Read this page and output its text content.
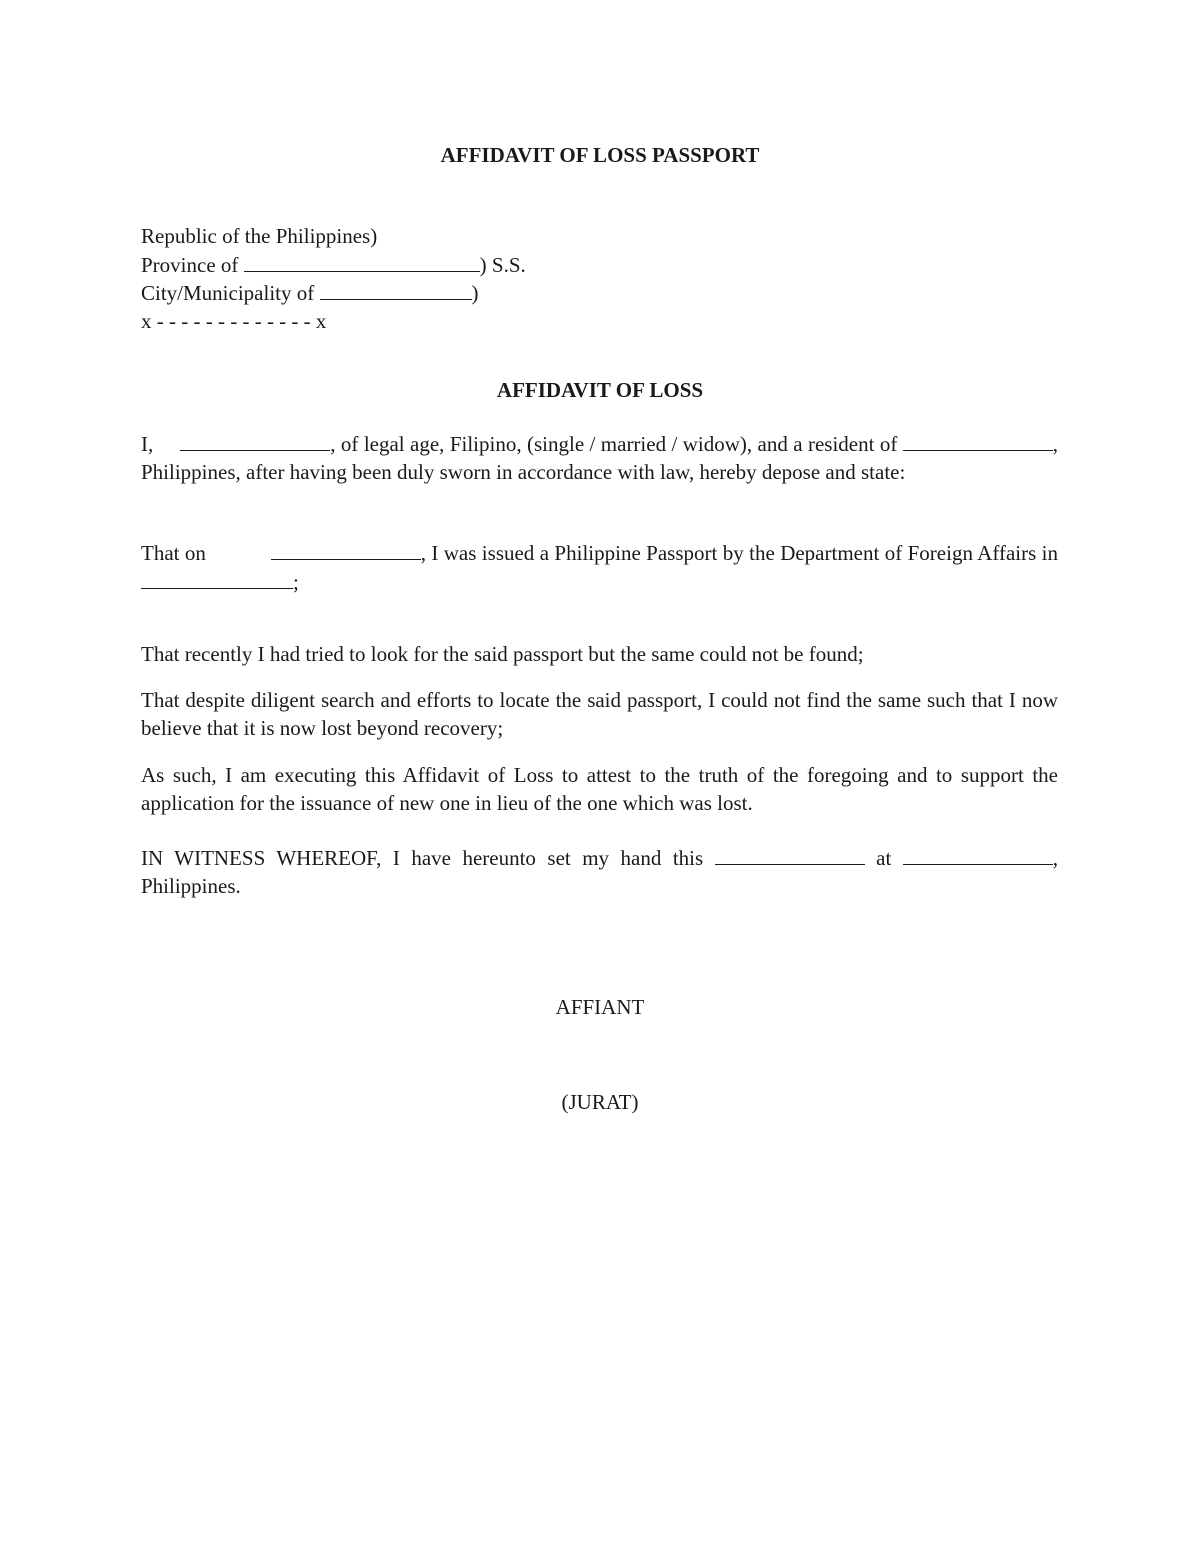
AFFIDAVIT OF LOSS PASSPORT

Republic of the Philippines)
Province of	) S.S.
City/Municipality of	)
x - - - - - - - - - - - - - x

AFFIDAVIT OF LOSS

I,	, of legal age, Filipino, (single / married / widow), and a resident of	, Philippines, after having been duly sworn in accordance with law, hereby depose and state:

That on	, I was issued a Philippine Passport by the Department of Foreign Affairs in ;

That recently I had tried to look for the said passport but the same could not be found;

That despite diligent search and efforts to locate the said passport, I could not find the same such that I now believe that it is now lost beyond recovery;

As such, I am executing this Affidavit of Loss to attest to the truth of the foregoing and to support the application for the issuance of new one in lieu of the one which was lost.

IN WITNESS WHEREOF, I have hereunto set my hand this	at	, Philippines.

AFFIANT

(JURAT)
